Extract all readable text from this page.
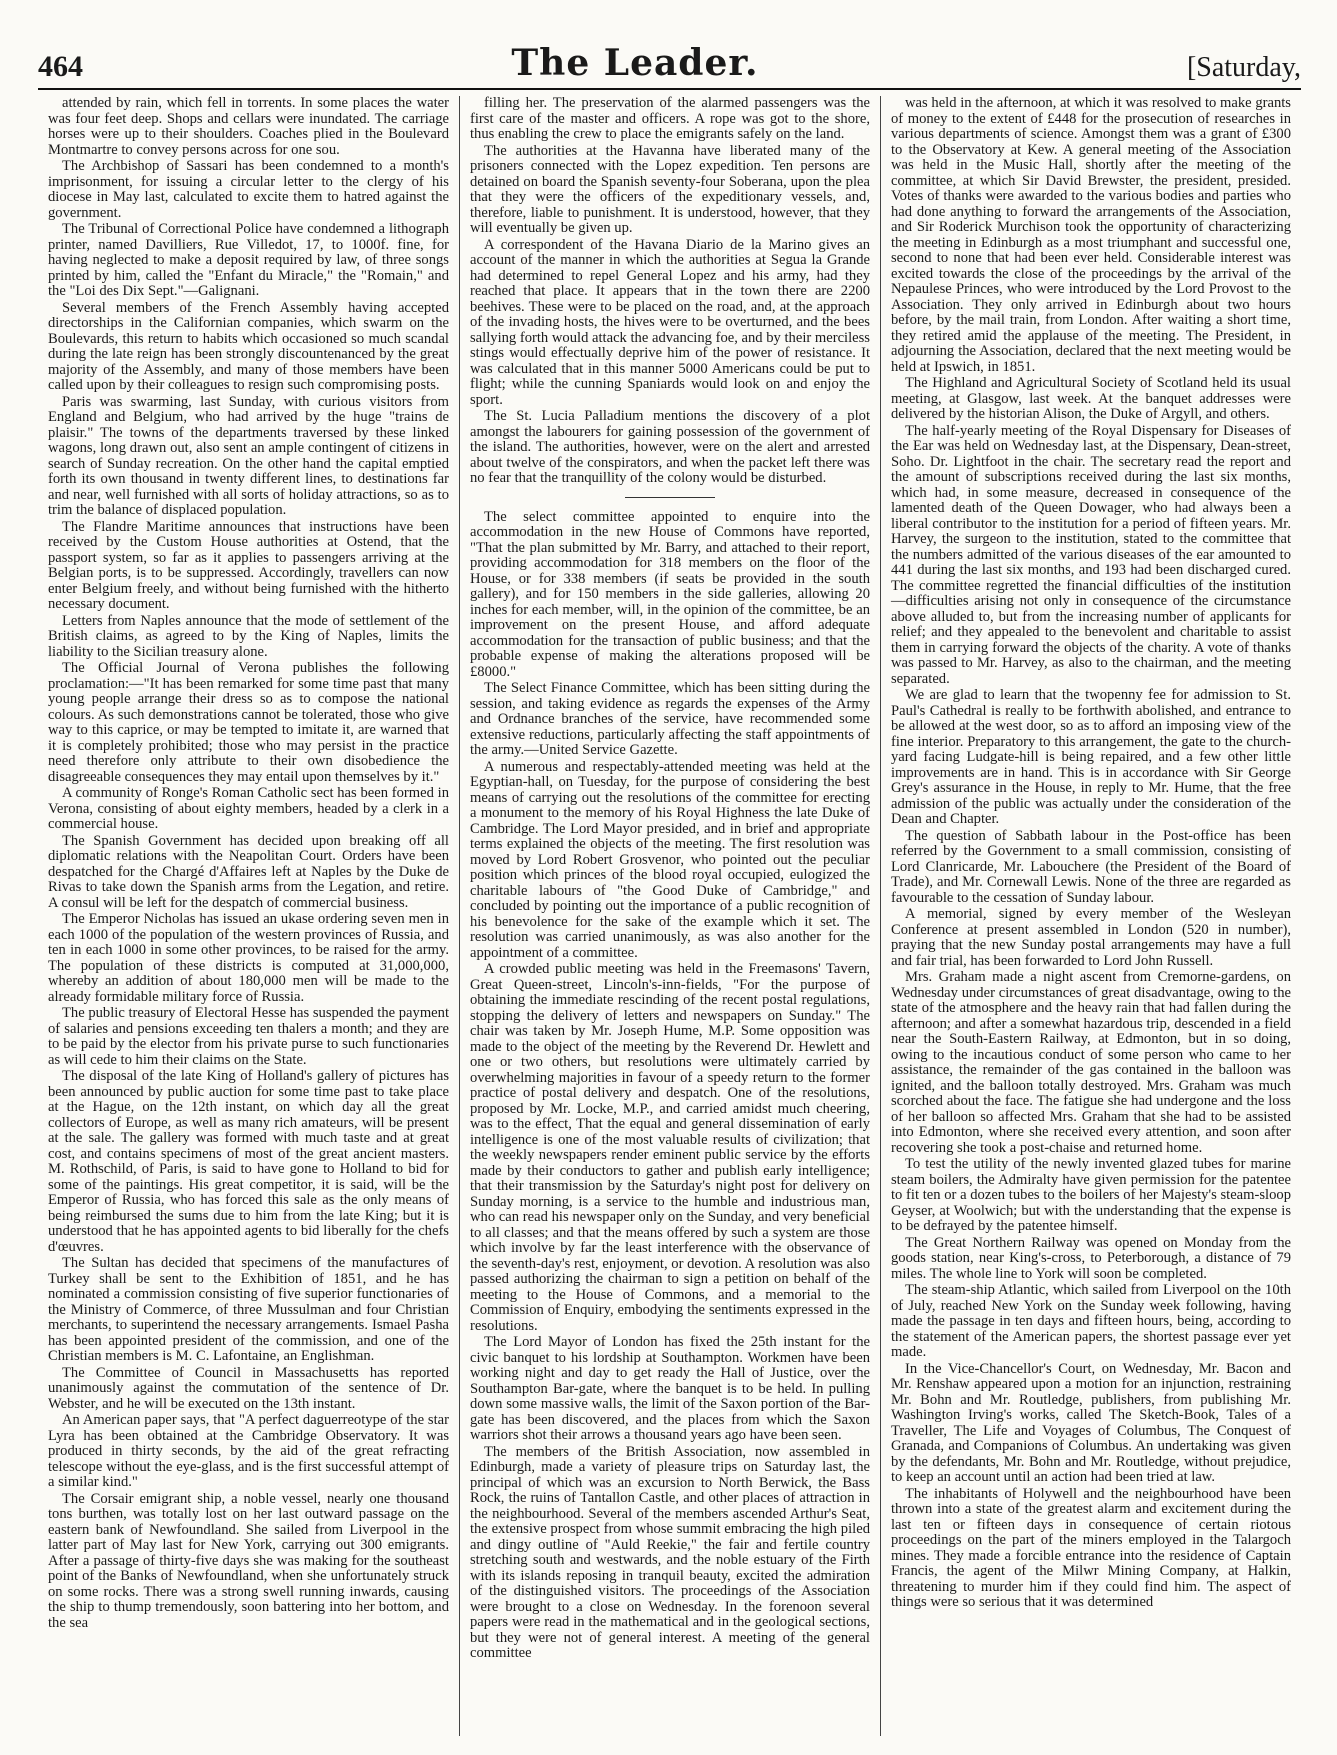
464	The Leader.	[Saturday,

attended by rain, which fell in torrents. In some places the water was four feet deep. Shops and cellars were inundated. The carriage horses were up to their shoulders. Coaches plied in the Boulevard Montmartre to convey persons across for one sou.

The Archbishop of Sassari has been condemned to a month's imprisonment, for issuing a circular letter to the clergy of his diocese in May last, calculated to excite them to hatred against the government.

The Tribunal of Correctional Police have condemned a lithograph printer, named Davilliers, Rue Villedot, 17, to 1000f. fine, for having neglected to make a deposit required by law, of three songs printed by him, called the "Enfant du Miracle," the "Romain," and the "Loi des Dix Sept."—Galignani.

Several members of the French Assembly having accepted directorships in the Californian companies, which swarm on the Boulevards, this return to habits which occasioned so much scandal during the late reign has been strongly discountenanced by the great majority of the Assembly, and many of those members have been called upon by their colleagues to resign such compromising posts.

Paris was swarming, last Sunday, with curious visitors from England and Belgium, who had arrived by the huge "trains de plaisir." The towns of the departments traversed by these linked wagons, long drawn out, also sent an ample contingent of citizens in search of Sunday recreation. On the other hand the capital emptied forth its own thousand in twenty different lines, to destinations far and near, well furnished with all sorts of holiday attractions, so as to trim the balance of displaced population.

The Flandre Maritime announces that instructions have been received by the Custom House authorities at Ostend, that the passport system, so far as it applies to passengers arriving at the Belgian ports, is to be suppressed. Accordingly, travellers can now enter Belgium freely, and without being furnished with the hitherto necessary document.

Letters from Naples announce that the mode of settlement of the British claims, as agreed to by the King of Naples, limits the liability to the Sicilian treasury alone.

The Official Journal of Verona publishes the following proclamation:—"It has been remarked for some time past that many young people arrange their dress so as to compose the national colours. As such demonstrations cannot be tolerated, those who give way to this caprice, or may be tempted to imitate it, are warned that it is completely prohibited; those who may persist in the practice need therefore only attribute to their own disobedience the disagreeable consequences they may entail upon themselves by it."

A community of Ronge's Roman Catholic sect has been formed in Verona, consisting of about eighty members, headed by a clerk in a commercial house.

The Spanish Government has decided upon breaking off all diplomatic relations with the Neapolitan Court. Orders have been despatched for the Chargé d'Affaires left at Naples by the Duke de Rivas to take down the Spanish arms from the Legation, and retire. A consul will be left for the despatch of commercial business.

The Emperor Nicholas has issued an ukase ordering seven men in each 1000 of the population of the western provinces of Russia, and ten in each 1000 in some other provinces, to be raised for the army. The population of these districts is computed at 31,000,000, whereby an addition of about 180,000 men will be made to the already formidable military force of Russia.

The public treasury of Electoral Hesse has suspended the payment of salaries and pensions exceeding ten thalers a month; and they are to be paid by the elector from his private purse to such functionaries as will cede to him their claims on the State.

The disposal of the late King of Holland's gallery of pictures has been announced by public auction for some time past to take place at the Hague, on the 12th instant, on which day all the great collectors of Europe, as well as many rich amateurs, will be present at the sale. The gallery was formed with much taste and at great cost, and contains specimens of most of the great ancient masters. M. Rothschild, of Paris, is said to have gone to Holland to bid for some of the paintings. His great competitor, it is said, will be the Emperor of Russia, who has forced this sale as the only means of being reimbursed the sums due to him from the late King; but it is understood that he has appointed agents to bid liberally for the chefs d'œuvres.

The Sultan has decided that specimens of the manufactures of Turkey shall be sent to the Exhibition of 1851, and he has nominated a commission consisting of five superior functionaries of the Ministry of Commerce, of three Mussulman and four Christian merchants, to superintend the necessary arrangements. Ismael Pasha has been appointed president of the commission, and one of the Christian members is M. C. Lafontaine, an Englishman.

The Committee of Council in Massachusetts has reported unanimously against the commutation of the sentence of Dr. Webster, and he will be executed on the 13th instant.

An American paper says, that "A perfect daguerreotype of the star Lyra has been obtained at the Cambridge Observatory. It was produced in thirty seconds, by the aid of the great refracting telescope without the eye-glass, and is the first successful attempt of a similar kind."

The Corsair emigrant ship, a noble vessel, nearly one thousand tons burthen, was totally lost on her last outward passage on the eastern bank of Newfoundland. She sailed from Liverpool in the latter part of May last for New York, carrying out 300 emigrants. After a passage of thirty-five days she was making for the southeast point of the Banks of Newfoundland, when she unfortunately struck on some rocks. There was a strong swell running inwards, causing the ship to thump tremendously, soon battering into her bottom, and the sea

filling her. The preservation of the alarmed passengers was the first care of the master and officers. A rope was got to the shore, thus enabling the crew to place the emigrants safely on the land.

The authorities at the Havanna have liberated many of the prisoners connected with the Lopez expedition. Ten persons are detained on board the Spanish seventy-four Soberana, upon the plea that they were the officers of the expeditionary vessels, and, therefore, liable to punishment. It is understood, however, that they will eventually be given up.

A correspondent of the Havana Diario de la Marino gives an account of the manner in which the authorities at Segua la Grande had determined to repel General Lopez and his army, had they reached that place. It appears that in the town there are 2200 beehives. These were to be placed on the road, and, at the approach of the invading hosts, the hives were to be overturned, and the bees sallying forth would attack the advancing foe, and by their merciless stings would effectually deprive him of the power of resistance. It was calculated that in this manner 5000 Americans could be put to flight; while the cunning Spaniards would look on and enjoy the sport.

The St. Lucia Palladium mentions the discovery of a plot amongst the labourers for gaining possession of the government of the island. The authorities, however, were on the alert and arrested about twelve of the conspirators, and when the packet left there was no fear that the tranquillity of the colony would be disturbed.

The select committee appointed to enquire into the accommodation in the new House of Commons have reported, "That the plan submitted by Mr. Barry, and attached to their report, providing accommodation for 318 members on the floor of the House, or for 338 members (if seats be provided in the south gallery), and for 150 members in the side galleries, allowing 20 inches for each member, will, in the opinion of the committee, be an improvement on the present House, and afford adequate accommodation for the transaction of public business; and that the probable expense of making the alterations proposed will be £8000."

The Select Finance Committee, which has been sitting during the session, and taking evidence as regards the expenses of the Army and Ordnance branches of the service, have recommended some extensive reductions, particularly affecting the staff appointments of the army.—United Service Gazette.

A numerous and respectably-attended meeting was held at the Egyptian-hall, on Tuesday, for the purpose of considering the best means of carrying out the resolutions of the committee for erecting a monument to the memory of his Royal Highness the late Duke of Cambridge. The Lord Mayor presided, and in brief and appropriate terms explained the objects of the meeting. The first resolution was moved by Lord Robert Grosvenor, who pointed out the peculiar position which princes of the blood royal occupied, eulogized the charitable labours of "the Good Duke of Cambridge," and concluded by pointing out the importance of a public recognition of his benevolence for the sake of the example which it set. The resolution was carried unanimously, as was also another for the appointment of a committee.

A crowded public meeting was held in the Freemasons' Tavern, Great Queen-street, Lincoln's-inn-fields, "For the purpose of obtaining the immediate rescinding of the recent postal regulations, stopping the delivery of letters and newspapers on Sunday." The chair was taken by Mr. Joseph Hume, M.P. Some opposition was made to the object of the meeting by the Reverend Dr. Hewlett and one or two others, but resolutions were ultimately carried by overwhelming majorities in favour of a speedy return to the former practice of postal delivery and despatch. One of the resolutions, proposed by Mr. Locke, M.P., and carried amidst much cheering, was to the effect, That the equal and general dissemination of early intelligence is one of the most valuable results of civilization; that the weekly newspapers render eminent public service by the efforts made by their conductors to gather and publish early intelligence; that their transmission by the Saturday's night post for delivery on Sunday morning, is a service to the humble and industrious man, who can read his newspaper only on the Sunday, and very beneficial to all classes; and that the means offered by such a system are those which involve by far the least interference with the observance of the seventh-day's rest, enjoyment, or devotion. A resolution was also passed authorizing the chairman to sign a petition on behalf of the meeting to the House of Commons, and a memorial to the Commission of Enquiry, embodying the sentiments expressed in the resolutions.

The Lord Mayor of London has fixed the 25th instant for the civic banquet to his lordship at Southampton. Workmen have been working night and day to get ready the Hall of Justice, over the Southampton Bar-gate, where the banquet is to be held. In pulling down some massive walls, the limit of the Saxon portion of the Bar-gate has been discovered, and the places from which the Saxon warriors shot their arrows a thousand years ago have been seen.

The members of the British Association, now assembled in Edinburgh, made a variety of pleasure trips on Saturday last, the principal of which was an excursion to North Berwick, the Bass Rock, the ruins of Tantallon Castle, and other places of attraction in the neighbourhood. Several of the members ascended Arthur's Seat, the extensive prospect from whose summit embracing the high piled and dingy outline of "Auld Reekie," the fair and fertile country stretching south and westwards, and the noble estuary of the Firth with its islands reposing in tranquil beauty, excited the admiration of the distinguished visitors. The proceedings of the Association were brought to a close on Wednesday. In the forenoon several papers were read in the mathematical and in the geological sections, but they were not of general interest. A meeting of the general committee

was held in the afternoon, at which it was resolved to make grants of money to the extent of £448 for the prosecution of researches in various departments of science. Amongst them was a grant of £300 to the Observatory at Kew. A general meeting of the Association was held in the Music Hall, shortly after the meeting of the committee, at which Sir David Brewster, the president, presided. Votes of thanks were awarded to the various bodies and parties who had done anything to forward the arrangements of the Association, and Sir Roderick Murchison took the opportunity of characterizing the meeting in Edinburgh as a most triumphant and successful one, second to none that had been ever held. Considerable interest was excited towards the close of the proceedings by the arrival of the Nepaulese Princes, who were introduced by the Lord Provost to the Association. They only arrived in Edinburgh about two hours before, by the mail train, from London. After waiting a short time, they retired amid the applause of the meeting. The President, in adjourning the Association, declared that the next meeting would be held at Ipswich, in 1851.

The Highland and Agricultural Society of Scotland held its usual meeting, at Glasgow, last week. At the banquet addresses were delivered by the historian Alison, the Duke of Argyll, and others.

The half-yearly meeting of the Royal Dispensary for Diseases of the Ear was held on Wednesday last, at the Dispensary, Dean-street, Soho. Dr. Lightfoot in the chair. The secretary read the report and the amount of subscriptions received during the last six months, which had, in some measure, decreased in consequence of the lamented death of the Queen Dowager, who had always been a liberal contributor to the institution for a period of fifteen years. Mr. Harvey, the surgeon to the institution, stated to the committee that the numbers admitted of the various diseases of the ear amounted to 441 during the last six months, and 193 had been discharged cured. The committee regretted the financial difficulties of the institution—difficulties arising not only in consequence of the circumstance above alluded to, but from the increasing number of applicants for relief; and they appealed to the benevolent and charitable to assist them in carrying forward the objects of the charity. A vote of thanks was passed to Mr. Harvey, as also to the chairman, and the meeting separated.

We are glad to learn that the twopenny fee for admission to St. Paul's Cathedral is really to be forthwith abolished, and entrance to be allowed at the west door, so as to afford an imposing view of the fine interior. Preparatory to this arrangement, the gate to the church-yard facing Ludgate-hill is being repaired, and a few other little improvements are in hand. This is in accordance with Sir George Grey's assurance in the House, in reply to Mr. Hume, that the free admission of the public was actually under the consideration of the Dean and Chapter.

The question of Sabbath labour in the Post-office has been referred by the Government to a small commission, consisting of Lord Clanricarde, Mr. Labouchere (the President of the Board of Trade), and Mr. Cornewall Lewis. None of the three are regarded as favourable to the cessation of Sunday labour.

A memorial, signed by every member of the Wesleyan Conference at present assembled in London (520 in number), praying that the new Sunday postal arrangements may have a full and fair trial, has been forwarded to Lord John Russell.

Mrs. Graham made a night ascent from Cremorne-gardens, on Wednesday under circumstances of great disadvantage, owing to the state of the atmosphere and the heavy rain that had fallen during the afternoon; and after a somewhat hazardous trip, descended in a field near the South-Eastern Railway, at Edmonton, but in so doing, owing to the incautious conduct of some person who came to her assistance, the remainder of the gas contained in the balloon was ignited, and the balloon totally destroyed. Mrs. Graham was much scorched about the face. The fatigue she had undergone and the loss of her balloon so affected Mrs. Graham that she had to be assisted into Edmonton, where she received every attention, and soon after recovering she took a post-chaise and returned home.

To test the utility of the newly invented glazed tubes for marine steam boilers, the Admiralty have given permission for the patentee to fit ten or a dozen tubes to the boilers of her Majesty's steam-sloop Geyser, at Woolwich; but with the understanding that the expense is to be defrayed by the patentee himself.

The Great Northern Railway was opened on Monday from the goods station, near King's-cross, to Peterborough, a distance of 79 miles. The whole line to York will soon be completed.

The steam-ship Atlantic, which sailed from Liverpool on the 10th of July, reached New York on the Sunday week following, having made the passage in ten days and fifteen hours, being, according to the statement of the American papers, the shortest passage ever yet made.

In the Vice-Chancellor's Court, on Wednesday, Mr. Bacon and Mr. Renshaw appeared upon a motion for an injunction, restraining Mr. Bohn and Mr. Routledge, publishers, from publishing Mr. Washington Irving's works, called The Sketch-Book, Tales of a Traveller, The Life and Voyages of Columbus, The Conquest of Granada, and Companions of Columbus. An undertaking was given by the defendants, Mr. Bohn and Mr. Routledge, without prejudice, to keep an account until an action had been tried at law.

The inhabitants of Holywell and the neighbourhood have been thrown into a state of the greatest alarm and excitement during the last ten or fifteen days in consequence of certain riotous proceedings on the part of the miners employed in the Talargoch mines. They made a forcible entrance into the residence of Captain Francis, the agent of the Milwr Mining Company, at Halkin, threatening to murder him if they could find him. The aspect of things were so serious that it was determined
